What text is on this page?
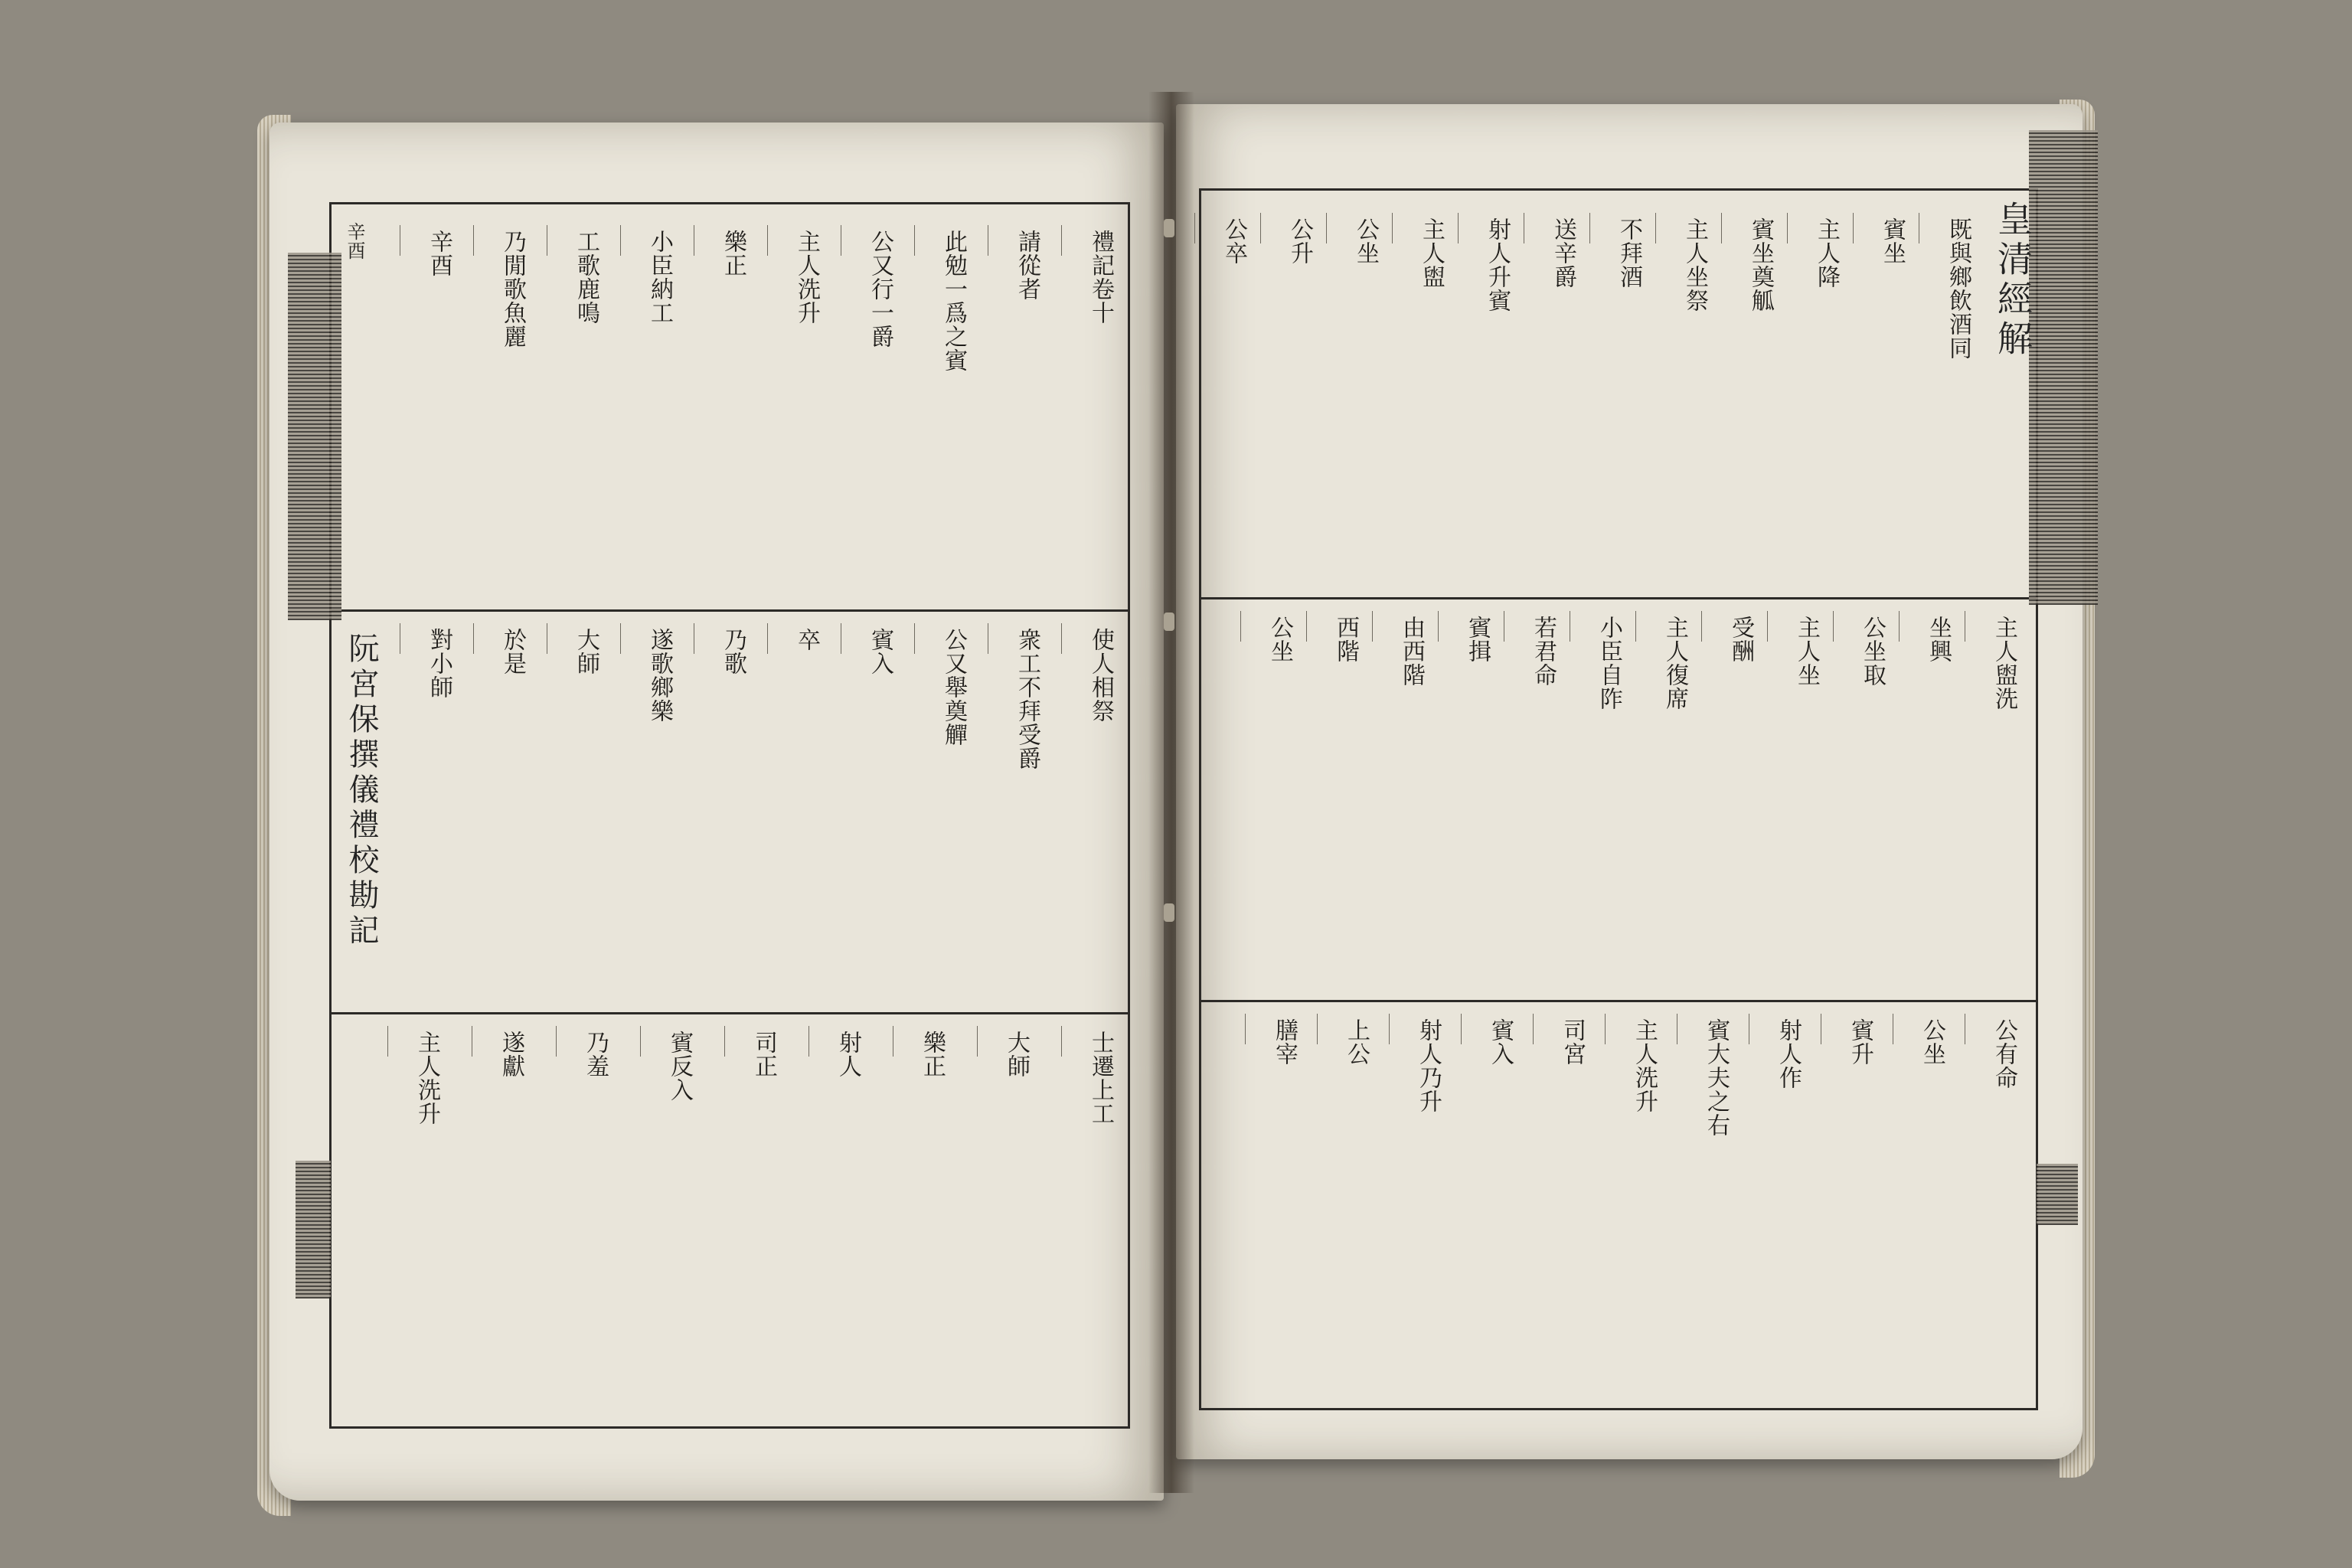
阮宮保撰儀禮校勘記
辛酉	皇清經解
禮記卷十
請從者
此勉一爲之賓
公又行一爵
主人洗升
樂正
小臣納工
工歌鹿鳴
乃閒歌魚麗
辛酉
使人相祭
衆工不拜受爵
公又舉奠觶
賓入
卒
乃歌
遂歌鄉樂
大師
於是
對小師
士遷上工
大師
樂正
射人
司正
賓反入
乃羞
遂獻
主人洗升
既與鄉飲酒同
賓坐
主人降
賓坐奠觚
主人坐祭
不拜酒
送辛爵
射人升賓
主人盥
公坐
公升
公卒
主人盥洗
坐興
公坐取
主人坐
受酬
主人復席
小臣自阼
若君命
賓揖
由西階
西階
公坐
公有命
公坐
賓升
射人作
賓大夫之右
主人洗升
司宮
賓入
射人乃升
上公
膳宰
